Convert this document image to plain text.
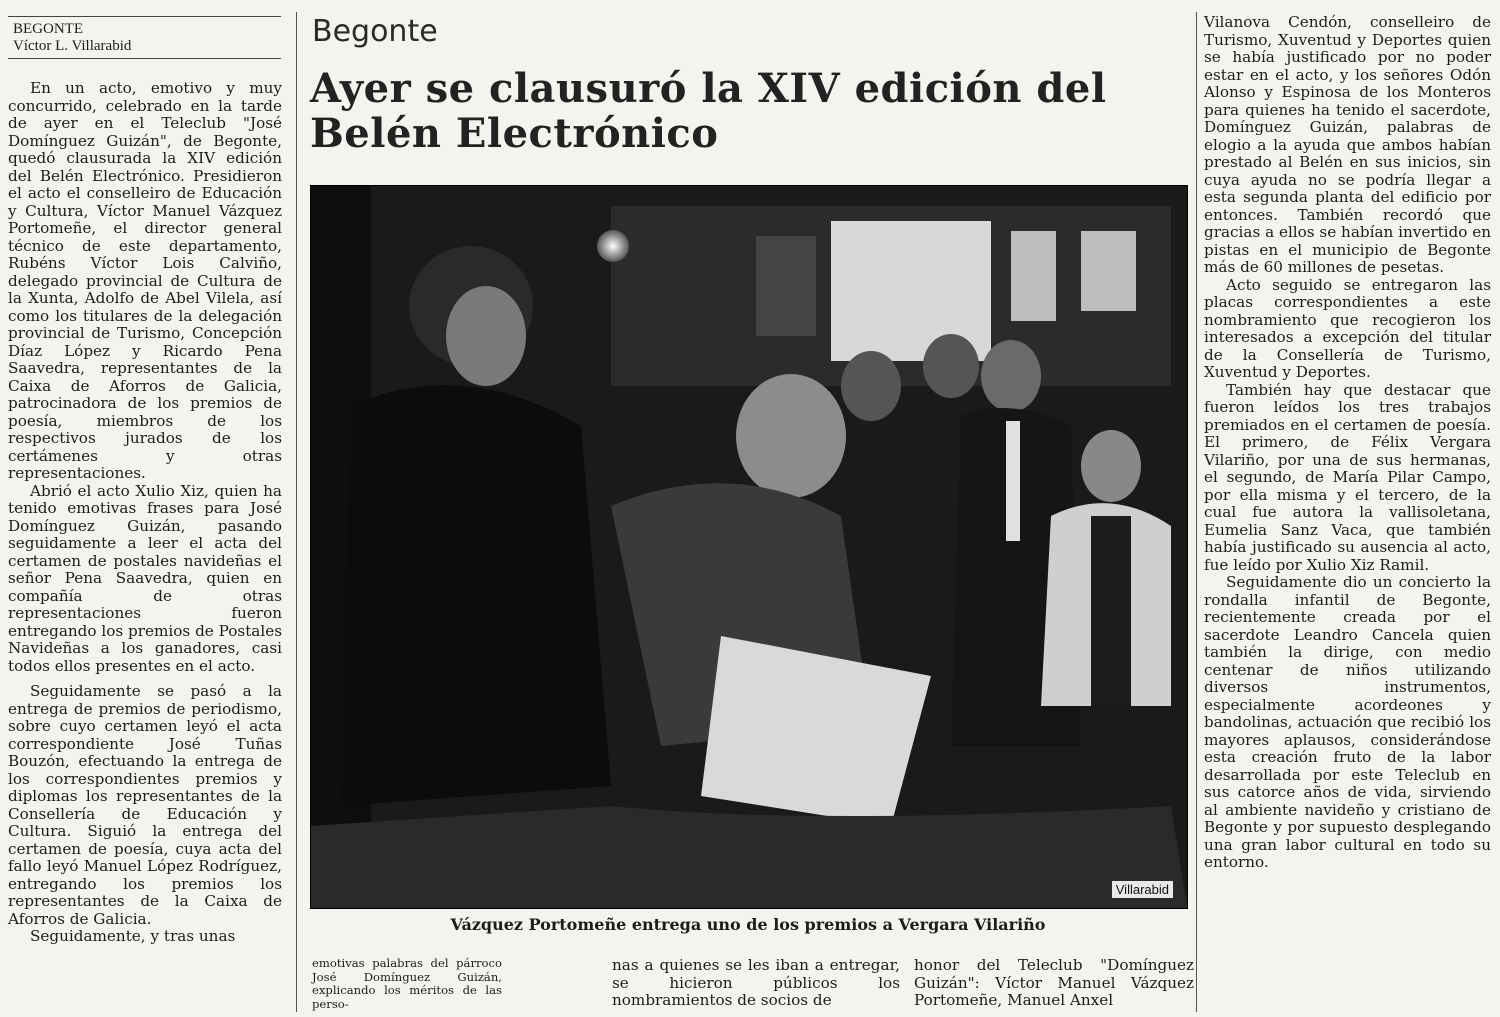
BEGONTE
Víctor L. Villarabid	Begonte
Ayer se clausuró la XIV edición del
Belén Electrónico

En un acto, emotivo y muy concurrido, celebrado en la tarde de ayer en el Teleclub "José Domínguez Guizán", de Begonte, quedó clausurada la XIV edición del Belén Electrónico. Presidieron el acto el conselleiro de Educación y Cultura, Víctor Manuel Vázquez Portomeñe, el director general técnico de este departamento, Rubéns Víctor Lois Calviño, delegado provincial de Cultura de la Xunta, Adolfo de Abel Vilela, así como los titulares de la delegación provincial de Turismo, Concepción Díaz López y Ricardo Pena Saavedra, representantes de la Caixa de Aforros de Galicia, patrocinadora de los premios de poesía, miembros de los respectivos jurados de los certámenes y otras representaciones.

Abrió el acto Xulio Xiz, quien ha tenido emotivas frases para José Domínguez Guizán, pasando seguidamente a leer el acta del certamen de postales navideñas el señor Pena Saavedra, quien en compañía de otras representaciones fueron entregando los premios de Postales Navideñas a los ganadores, casi todos ellos presentes en el acto.

Seguidamente se pasó a la entrega de premios de periodismo, sobre cuyo certamen leyó el acta correspondiente José Tuñas Bouzón, efectuando la entrega de los correspondientes premios y diplomas los representantes de la Consellería de Educación y Cultura. Siguió la entrega del certamen de poesía, cuya acta del fallo leyó Manuel López Rodríguez, entregando los premios los representantes de la Caixa de Aforros de Galicia.

Seguidamente, y tras unas

Villarabid
Vázquez Portomeñe entrega uno de los premios a Vergara Vilariño
emotivas palabras del párroco José Domínguez Guizán, explicando los méritos de las perso-
nas a quienes se les iban a entregar, se hicieron públicos los nombramientos de socios de
honor del Teleclub "Domínguez Guizán": Víctor Manuel Vázquez Portomeñe, Manuel Anxel

Vilanova Cendón, conselleiro de Turismo, Xuventud y Deportes quien se había justificado por no poder estar en el acto, y los señores Odón Alonso y Espinosa de los Monteros para quienes ha tenido el sacerdote, Domínguez Guizán, palabras de elogio a la ayuda que ambos habían prestado al Belén en sus inicios, sin cuya ayuda no se podría llegar a esta segunda planta del edificio por entonces. También recordó que gracias a ellos se habían invertido en pistas en el municipio de Begonte más de 60 millones de pesetas.

Acto seguido se entregaron las placas correspondientes a este nombramiento que recogieron los interesados a excepción del titular de la Consellería de Turismo, Xuventud y Deportes.

También hay que destacar que fueron leídos los tres trabajos premiados en el certamen de poesía. El primero, de Félix Vergara Vilariño, por una de sus hermanas, el segundo, de María Pilar Campo, por ella misma y el tercero, de la cual fue autora la vallisoletana, Eumelia Sanz Vaca, que también había justificado su ausencia al acto, fue leído por Xulio Xiz Ramil.

Seguidamente dio un concierto la rondalla infantil de Begonte, recientemente creada por el sacerdote Leandro Cancela quien también la dirige, con medio centenar de niños utilizando diversos instrumentos, especialmente acordeones y bandolinas, actuación que recibió los mayores aplausos, considerándose esta creación fruto de la labor desarrollada por este Teleclub en sus catorce años de vida, sirviendo al ambiente navideño y cristiano de Begonte y por supuesto desplegando una gran labor cultural en todo su entorno.
